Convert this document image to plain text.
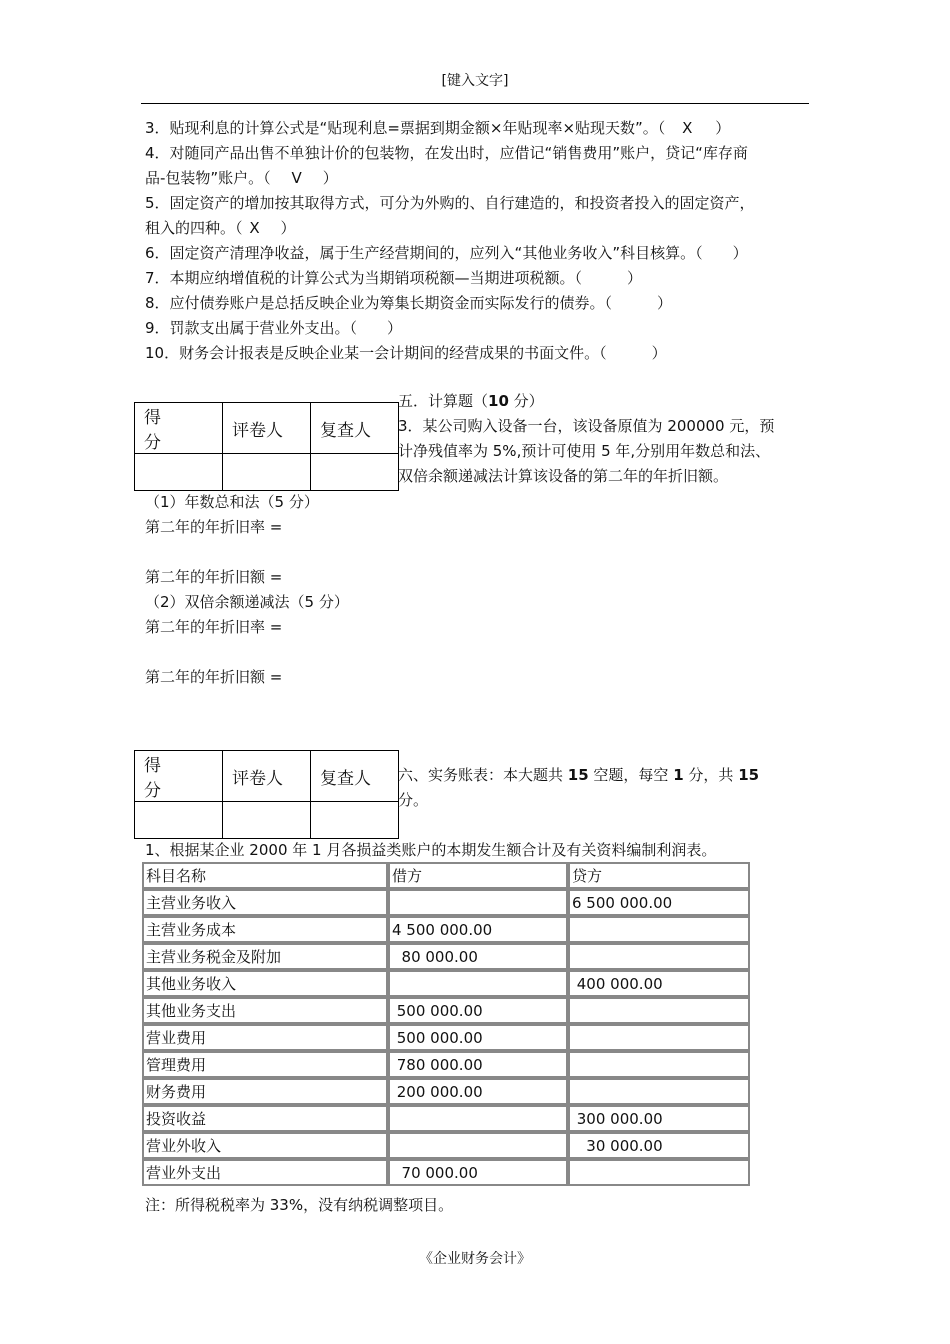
[键入文字]
3．贴现利息的计算公式是“贴现利息=票据到期金额×年贴现率×贴现天数”。（ X ）
4．对随同产品出售不单独计价的包装物，在发出时，应借记“销售费用”账户，贷记“库存商
品-包装物”账户。（ V ）
5．固定资产的增加按其取得方式，可分为外购的、自行建造的，和投资者投入的固定资产，
租入的四种。（ X ）
6．固定资产清理净收益，属于生产经营期间的，应列入“其他业务收入”科目核算。（　　）
7．本期应纳增值税的计算公式为当期销项税额—当期进项税额。（　　　）
8．应付债券账户是总括反映企业为筹集长期资金而实际发行的债券。（　　　）
9．罚款支出属于营业外支出。（　　）
10．财务会计报表是反映企业某一会计期间的经营成果的书面文件。（　　　）
得 分	评卷人	复查人

五．计算题（10 分）
3．某公司购入设备一台，该设备原值为 200000 元，预
计净残值率为 5%,预计可使用 5 年,分别用年数总和法、
双倍余额递减法计算该设备的第二年的年折旧额。
（1）年数总和法（5 分）
第二年的年折旧率 =
第二年的年折旧额 =
（2）双倍余额递减法（5 分）
第二年的年折旧率 =
第二年的年折旧额 =
得 分	评卷人	复查人
		六、实务账表：本大题共 15 空题，每空 1 分，共 15
分。
1、根据某企业 2000 年 1 月各损益类账户的本期发生额合计及有关资料编制利润表。
科目名称	借方	贷方
主营业务收入		6 500 000.00
主营业务成本	4 500 000.00	
主营业务税金及附加	80 000.00	
其他业务收入		400 000.00
其他业务支出	500 000.00	
营业费用	500 000.00	
管理费用	780 000.00	
财务费用	200 000.00	
投资收益		300 000.00
营业外收入		30 000.00
营业外支出	70 000.00	
注：所得税税率为 33%，没有纳税调整项目。
《企业财务会计》
